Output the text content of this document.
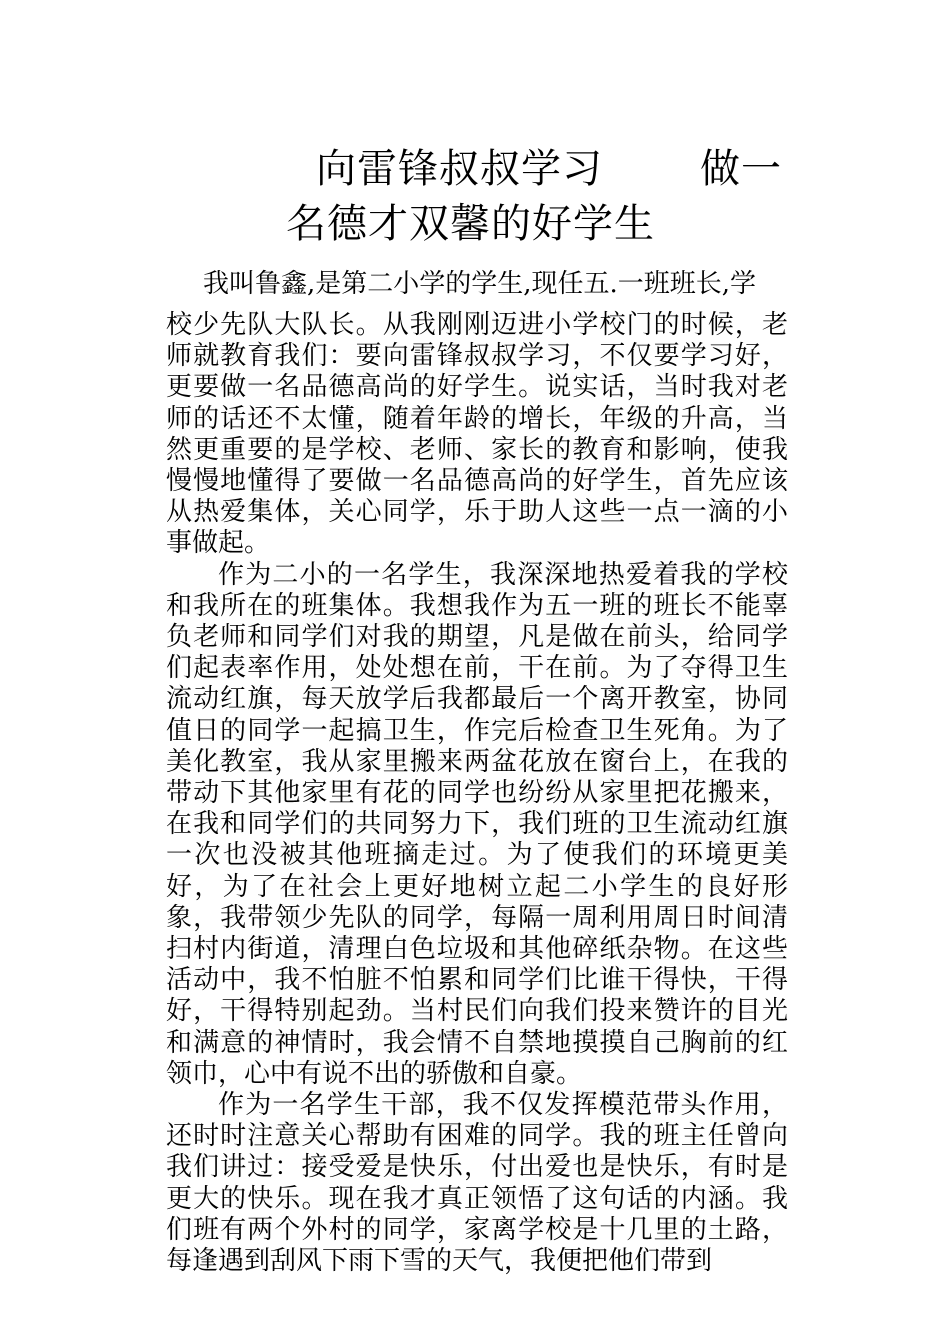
向雷锋叔叔学习 做一
名德才双馨的好学生
我叫鲁鑫,是第二小学的学生,现任五.一班班长,学

校少先队大队长。从我刚刚迈进小学校门的时候，老师就教育我们：要向雷锋叔叔学习，不仅要学习好，更要做一名品德高尚的好学生。说实话，当时我对老师的话还不太懂，随着年龄的增长，年级的升高，当然更重要的是学校、老师、家长的教育和影响，使我慢慢地懂得了要做一名品德高尚的好学生，首先应该从热爱集体，关心同学，乐于助人这些一点一滴的小事做起。

作为二小的一名学生，我深深地热爱着我的学校和我所在的班集体。我想我作为五一班的班长不能辜负老师和同学们对我的期望，凡是做在前头，给同学们起表率作用，处处想在前，干在前。为了夺得卫生流动红旗，每天放学后我都最后一个离开教室，协同值日的同学一起搞卫生，作完后检查卫生死角。为了美化教室，我从家里搬来两盆花放在窗台上，在我的带动下其他家里有花的同学也纷纷从家里把花搬来，在我和同学们的共同努力下，我们班的卫生流动红旗一次也没被其他班摘走过。为了使我们的环境更美好，为了在社会上更好地树立起二小学生的良好形象，我带领少先队的同学，每隔一周利用周日时间清扫村内街道，清理白色垃圾和其他碎纸杂物。在这些活动中，我不怕脏不怕累和同学们比谁干得快，干得好，干得特别起劲。当村民们向我们投来赞许的目光和满意的神情时，我会情不自禁地摸摸自己胸前的红领巾，心中有说不出的骄傲和自豪。

作为一名学生干部，我不仅发挥模范带头作用，还时时注意关心帮助有困难的同学。我的班主任曾向我们讲过：接受爱是快乐，付出爱也是快乐，有时是更大的快乐。现在我才真正领悟了这句话的内涵。我们班有两个外村的同学，家离学校是十几里的土路，每逢遇到刮风下雨下雪的天气，我便把他们带到
